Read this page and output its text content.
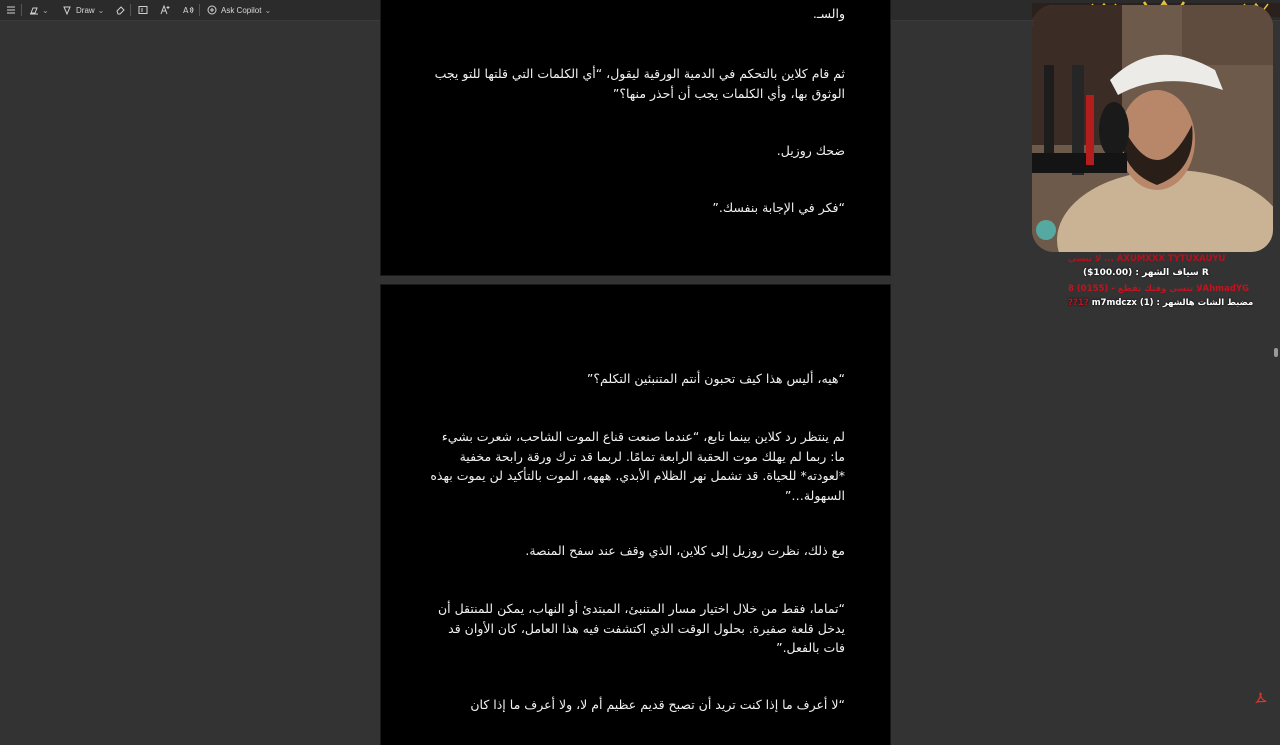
⌄	Draw ⌄	A	Ask Copilot ⌄	والسـ.

ثم قام كلاين بالتحكم في الدمية الورقية ليقول، “أي الكلمات التي قلتها للتو يجب الوثوق بها، وأي الكلمات يجب أن أحذر منها؟”

ضحك روزيل.

“فكر في الإجابة بنفسك.”

“هيه، أليس هذا كيف تحبون أنتم المتنبئين التكلم؟”

لم ينتظر رد كلاين بينما تابع، “عندما صنعت قناع الموت الشاحب، شعرت بشيء ما: ربما لم يهلك موت الحقبة الرابعة تمامًا. لربما قد ترك ورقة رابحة مخفية *لعودته* للحياة. قد تشمل نهر الظلام الأبدي. هههه، الموت بالتأكيد لن يموت بهذه السهولة…”

مع ذلك، نظرت روزيل إلى كلاين، الذي وقف عند سفح المنصة.

“تماما، فقط من خلال اختيار مسار المتنبئ، المبتدئ أو النهاب، يمكن للمنتقل أن يدخل قلعة صفيرة. بحلول الوقت الذي اكتشفت فيه هذا العامل، كان الأوان قد فات بالفعل.”

“لا أعرف ما إذا كنت تريد أن تصبح قديم عظيم أم لا، ولا أعرف ما إذا كان

لا تنسى ... AXUMXXX TYTUXAUYU
سياف الشهر : (100.00$) R
لا تنسى وقتك تقطع - (0155) 8AhmadYG
??1? m7mdczx (1) : مضبط الشات هالشهر
